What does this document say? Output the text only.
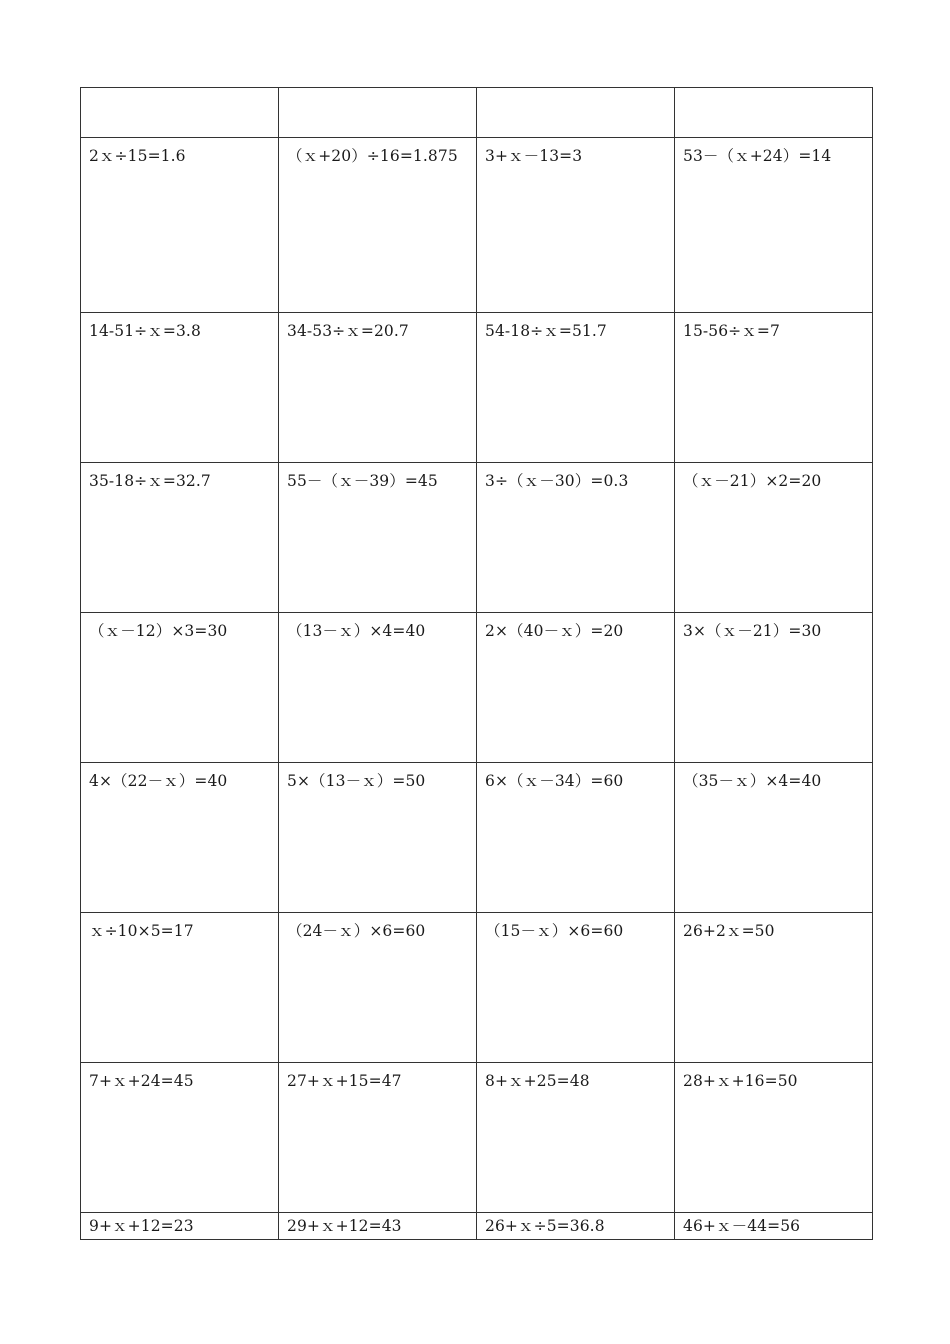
2ｘ÷15=1.6	（ｘ+20）÷16=1.875	3+ｘ－13=3	53－（ｘ+24）=14
14-51÷ｘ=3.8	34-53÷ｘ=20.7	54-18÷ｘ=51.7	15-56÷ｘ=7
35-18÷ｘ=32.7	55－（ｘ－39）=45	3÷（ｘ－30）=0.3	（ｘ－21）×2=20
（ｘ－12）×3=30	（13－ｘ）×4=40	2×（40－ｘ）=20	3×（ｘ－21）=30
4×（22－ｘ）=40	5×（13－ｘ）=50	6×（ｘ－34）=60	（35－ｘ）×4=40
ｘ÷10×5=17	（24－ｘ）×6=60	（15－ｘ）×6=60	26+2ｘ=50
7+ｘ+24=45	27+ｘ+15=47	8+ｘ+25=48	28+ｘ+16=50
9+ｘ+12=23	29+ｘ+12=43	26+ｘ÷5=36.8	46+ｘ－44=56
